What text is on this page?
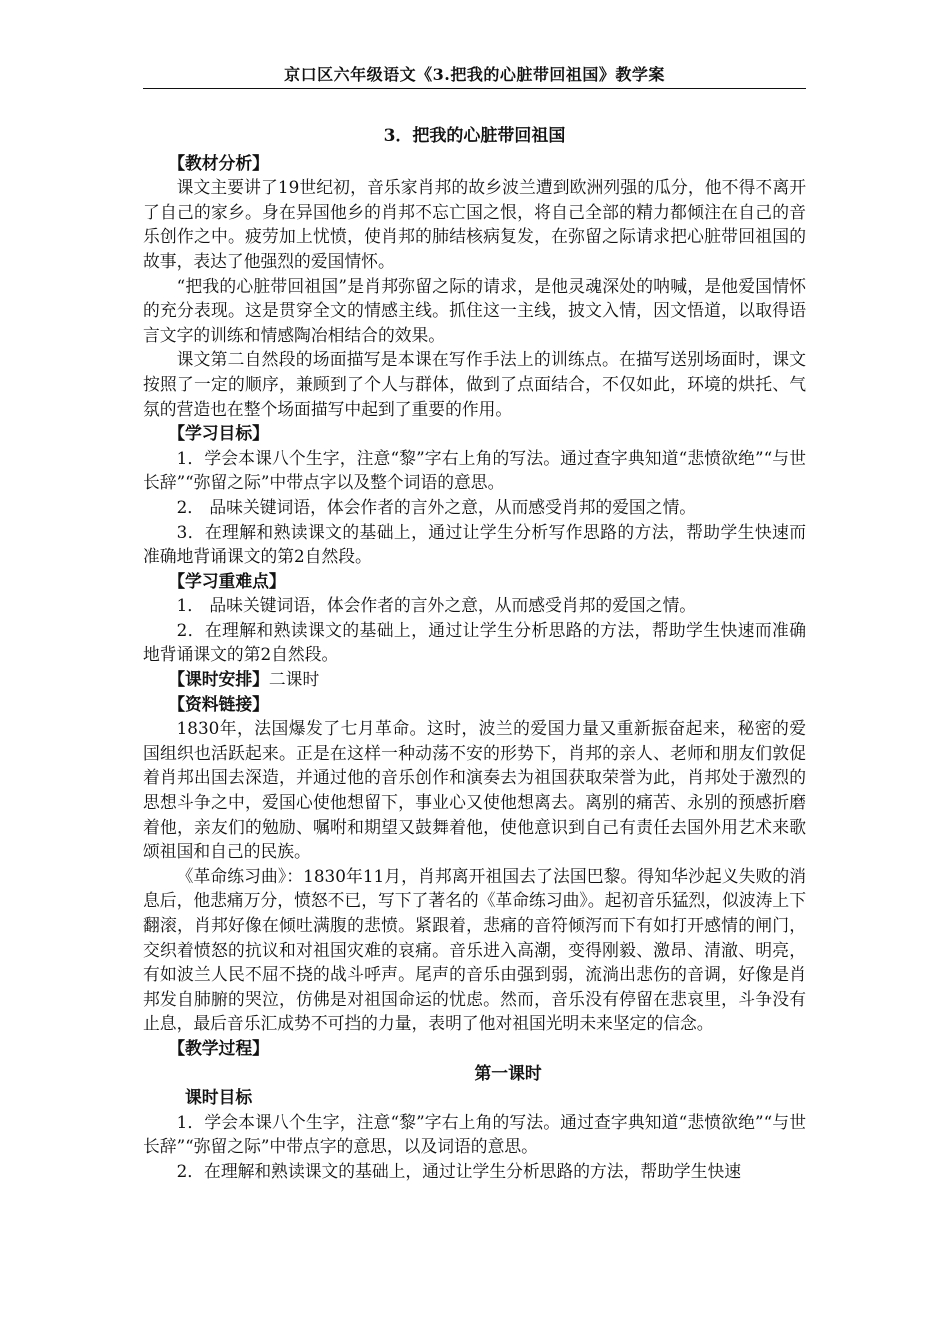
京口区六年级语文《3.把我的心脏带回祖国》教学案

3．把我的心脏带回祖国

【教材分析】

课文主要讲了19世纪初，音乐家肖邦的故乡波兰遭到欧洲列强的瓜分，他不得不离开了自己的家乡。身在异国他乡的肖邦不忘亡国之恨，将自己全部的精力都倾注在自己的音乐创作之中。疲劳加上忧愤，使肖邦的肺结核病复发，在弥留之际请求把心脏带回祖国的故事，表达了他强烈的爱国情怀。

“把我的心脏带回祖国”是肖邦弥留之际的请求，是他灵魂深处的呐喊，是他爱国情怀的充分表现。这是贯穿全文的情感主线。抓住这一主线，披文入情，因文悟道，以取得语言文字的训练和情感陶冶相结合的效果。

课文第二自然段的场面描写是本课在写作手法上的训练点。在描写送别场面时，课文按照了一定的顺序，兼顾到了个人与群体，做到了点面结合，不仅如此，环境的烘托、气氛的营造也在整个场面描写中起到了重要的作用。

【学习目标】

1．学会本课八个生字，注意“黎”字右上角的写法。通过查字典知道“悲愤欲绝”“与世长辞”“弥留之际”中带点字以及整个词语的意思。

2． 品味关键词语，体会作者的言外之意，从而感受肖邦的爱国之情。

3．在理解和熟读课文的基础上，通过让学生分析写作思路的方法，帮助学生快速而准确地背诵课文的第2自然段。

【学习重难点】

1． 品味关键词语，体会作者的言外之意，从而感受肖邦的爱国之情。

2．在理解和熟读课文的基础上，通过让学生分析思路的方法，帮助学生快速而准确地背诵课文的第2自然段。

【课时安排】二课时

【资料链接】

1830年，法国爆发了七月革命。这时，波兰的爱国力量又重新振奋起来，秘密的爱国组织也活跃起来。正是在这样一种动荡不安的形势下，肖邦的亲人、老师和朋友们敦促着肖邦出国去深造，并通过他的音乐创作和演奏去为祖国获取荣誉为此，肖邦处于激烈的思想斗争之中，爱国心使他想留下，事业心又使他想离去。离别的痛苦、永别的预感折磨着他，亲友们的勉励、嘱咐和期望又鼓舞着他，使他意识到自己有责任去国外用艺术来歌颂祖国和自己的民族。

《革命练习曲》：1830年11月，肖邦离开祖国去了法国巴黎。得知华沙起义失败的消息后，他悲痛万分，愤怒不已，写下了著名的《革命练习曲》。起初音乐猛烈，似波涛上下翻滚，肖邦好像在倾吐满腹的悲愤。紧跟着，悲痛的音符倾泻而下有如打开感情的闸门，交织着愤怒的抗议和对祖国灾难的哀痛。音乐进入高潮，变得刚毅、激昂、清澈、明亮，有如波兰人民不屈不挠的战斗呼声。尾声的音乐由强到弱，流淌出悲伤的音调，好像是肖邦发自肺腑的哭泣，仿佛是对祖国命运的忧虑。然而，音乐没有停留在悲哀里，斗争没有止息，最后音乐汇成势不可挡的力量，表明了他对祖国光明未来坚定的信念。

【教学过程】

第一课时

课时目标

1．学会本课八个生字，注意“黎”字右上角的写法。通过查字典知道“悲愤欲绝”“与世长辞”“弥留之际”中带点字的意思，以及词语的意思。

2．在理解和熟读课文的基础上，通过让学生分析思路的方法，帮助学生快速
